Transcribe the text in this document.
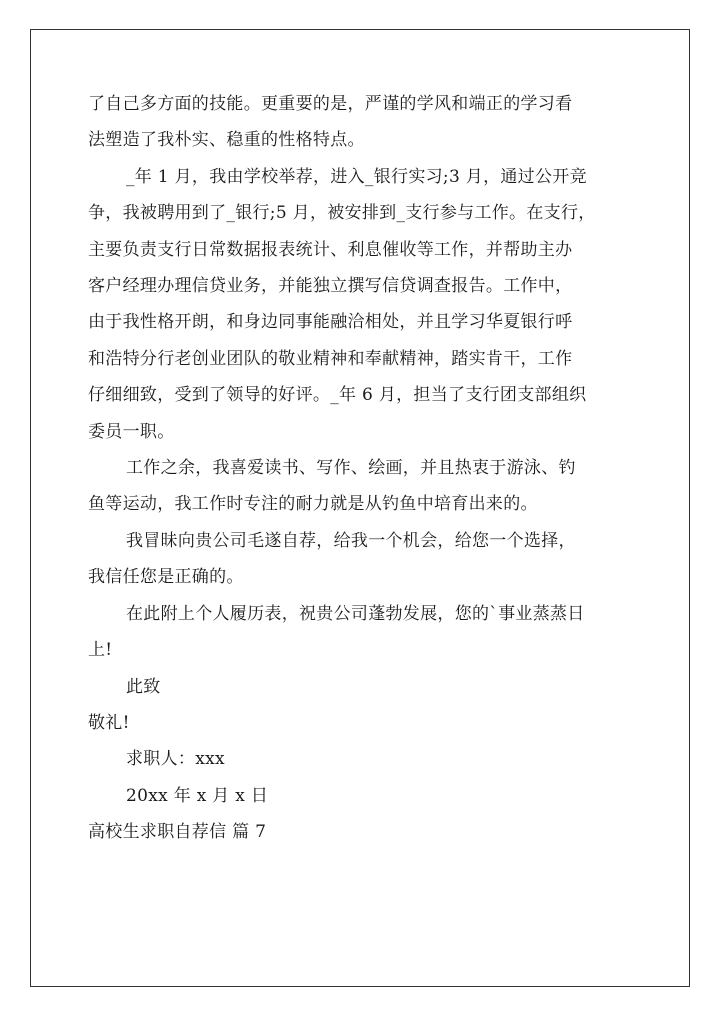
了自己多方面的技能。更重要的是，严谨的学风和端正的学习看
法塑造了我朴实、稳重的性格特点。
_年 1 月，我由学校举荐，进入_银行实习;3 月，通过公开竞
争，我被聘用到了_银行;5 月，被安排到_支行参与工作。在支行，
主要负责支行日常数据报表统计、利息催收等工作，并帮助主办
客户经理办理信贷业务，并能独立撰写信贷调查报告。工作中，
由于我性格开朗，和身边同事能融洽相处，并且学习华夏银行呼
和浩特分行老创业团队的敬业精神和奉献精神，踏实肯干，工作
仔细细致，受到了领导的好评。_年 6 月，担当了支行团支部组织
委员一职。
工作之余，我喜爱读书、写作、绘画，并且热衷于游泳、钓
鱼等运动，我工作时专注的耐力就是从钓鱼中培育出来的。
我冒昧向贵公司毛遂自荐，给我一个机会，给您一个选择，
我信任您是正确的。
在此附上个人履历表，祝贵公司蓬勃发展，您的`事业蒸蒸日
上!
此致
敬礼!
求职人：xxx
20xx 年 x 月 x 日
高校生求职自荐信 篇 7
